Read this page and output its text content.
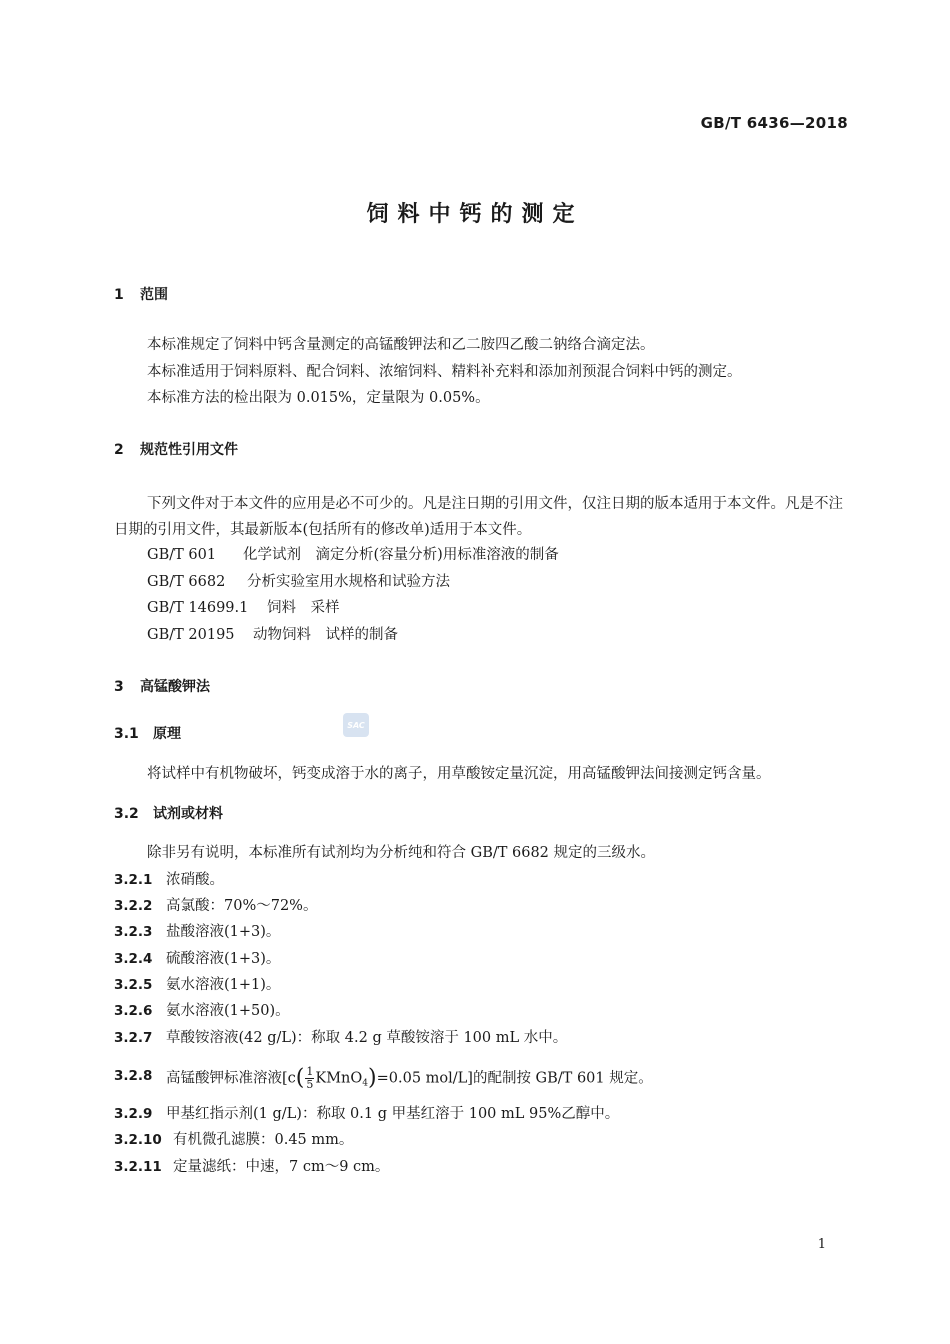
GB/T 6436—2018
饲料中钙的测定
1 范围
本标准规定了饲料中钙含量测定的高锰酸钾法和乙二胺四乙酸二钠络合滴定法。
本标准适用于饲料原料、配合饲料、浓缩饲料、精料补充料和添加剂预混合饲料中钙的测定。
本标准方法的检出限为 0.015%，定量限为 0.05%。
2 规范性引用文件
下列文件对于本文件的应用是必不可少的。凡是注日期的引用文件，仅注日期的版本适用于本文件。凡是不注日期的引用文件，其最新版本(包括所有的修改单)适用于本文件。
GB/T 601 化学试剂　滴定分析(容量分析)用标准溶液的制备
GB/T 6682 分析实验室用水规格和试验方法
GB/T 14699.1 饲料　采样
GB/T 20195 动物饲料　试样的制备
3 高锰酸钾法
SAC
3.1 原理
将试样中有机物破坏，钙变成溶于水的离子，用草酸铵定量沉淀，用高锰酸钾法间接测定钙含量。
3.2 试剂或材料
除非另有说明，本标准所有试剂均为分析纯和符合 GB/T 6682 规定的三级水。
3.2.1 浓硝酸。
3.2.2 高氯酸：70%～72%。
3.2.3 盐酸溶液(1+3)。
3.2.4 硫酸溶液(1+3)。
3.2.5 氨水溶液(1+1)。
3.2.6 氨水溶液(1+50)。
3.2.7 草酸铵溶液(42 g/L)：称取 4.2 g 草酸铵溶于 100 mL 水中。
3.2.8 高锰酸钾标准溶液[$c( \frac{1}{5}$ KMnO$_4$)=0.05 mol/L]的配制按 GB/T 601 规定。
3.2.9 甲基红指示剂(1 g/L)：称取 0.1 g 甲基红溶于 100 mL 95%乙醇中。
3.2.10 有机微孔滤膜：0.45 mm。
3.2.11 定量滤纸：中速，7 cm～9 cm。
1
